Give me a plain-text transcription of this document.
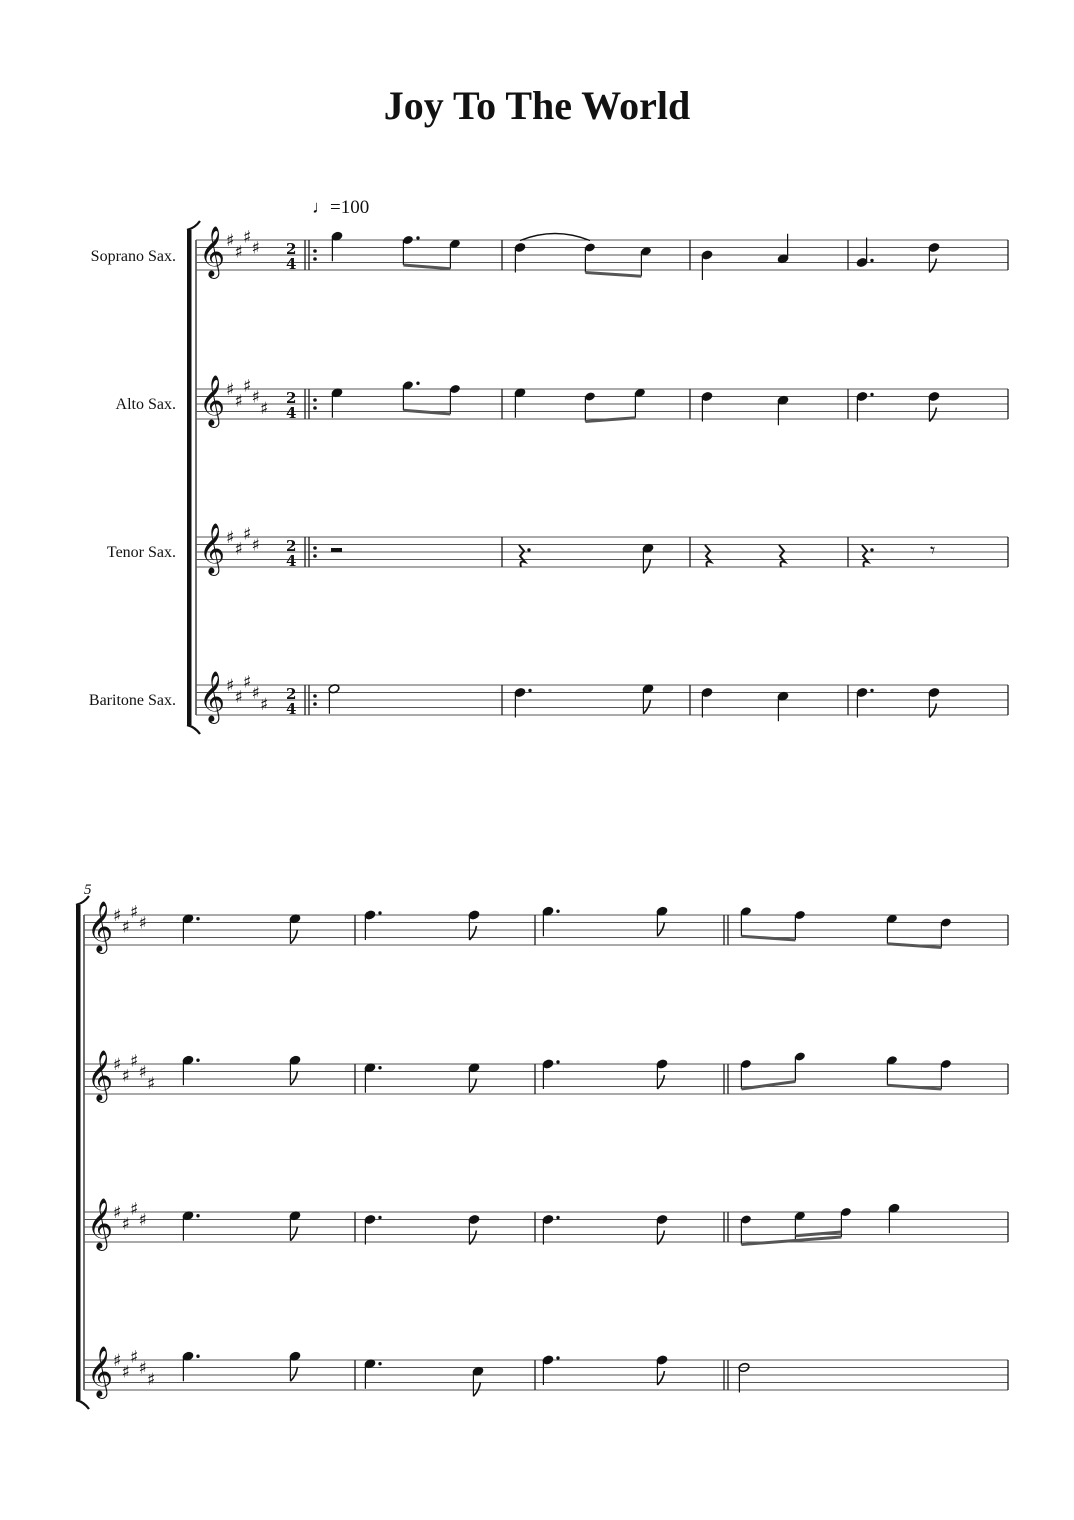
Joy To The World
♩=100
Soprano Sax.
Alto Sax.
Tenor Sax.
Baritone Sax.
5
𝄞 ♯
♯
♯
♯ 2
4
𝄞 ♯
♯
♯
♯
♯
2
4
𝄞 ♯
♯
♯
♯ 2
4
𝄞 ♯
♯
♯
♯
♯
2
4
𝄾
𝄞 ♯
♯
♯
♯
𝄞 ♯
♯
♯
♯
♯
𝄞 ♯
♯
♯
♯
𝄞 ♯
♯
♯
♯
♯
